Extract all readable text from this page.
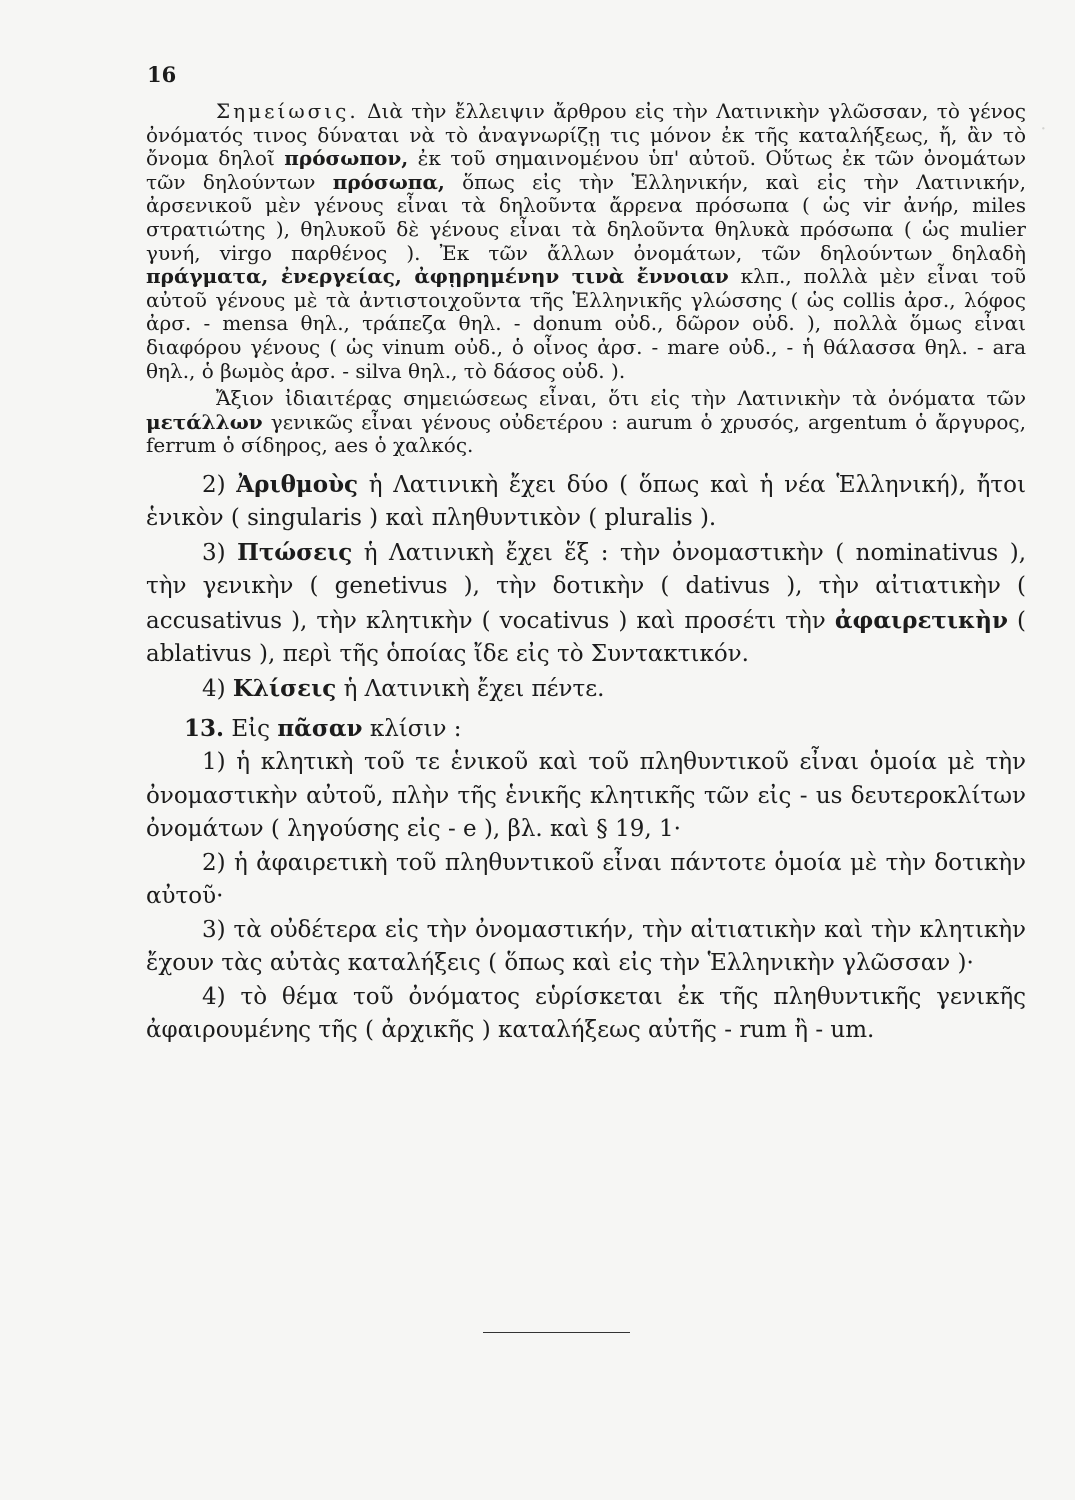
·
16

Σημείωσις. Διὰ τὴν ἔλλειψιν ἄρθρου εἰς τὴν Λατινικὴν γλῶσσαν, τὸ γένος ὀνόματός τινος δύναται νὰ τὸ ἀναγνωρίζῃ τις μόνον ἐκ τῆς καταλήξεως, ἤ, ἂν τὸ ὄνομα δηλοῖ πρόσωπον, ἐκ τοῦ σημαινομένου ὑπ' αὐτοῦ. Οὕτως ἐκ τῶν ὀνομάτων τῶν δηλούντων πρόσωπα, ὅπως εἰς τὴν Ἑλληνικήν, καὶ εἰς τὴν Λατινικήν, ἀρσενικοῦ μὲν γένους εἶναι τὰ δηλοῦντα ἄρρενα πρόσωπα ( ὡς vir ἀνήρ, miles στρατιώτης ), θηλυκοῦ δὲ γένους εἶναι τὰ δηλοῦντα θηλυκὰ πρόσωπα ( ὡς mulier γυνή, virgo παρθένος ). Ἐκ τῶν ἄλλων ὀνομάτων, τῶν δηλούντων δηλαδὴ πράγματα, ἐνεργείας, ἀφῃρημένην τινὰ ἔννοιαν κλπ., πολλὰ μὲν εἶναι τοῦ αὐτοῦ γένους μὲ τὰ ἀντιστοιχοῦντα τῆς Ἑλληνικῆς γλώσσης ( ὡς collis ἀρσ., λόφος ἀρσ. - mensa θηλ., τράπεζα θηλ. - donum οὐδ., δῶρον οὐδ. ), πολλὰ ὅμως εἶναι διαφόρου γένους ( ὡς vinum οὐδ., ὁ οἶνος ἀρσ. - mare οὐδ., - ἡ θάλασσα θηλ. - ara θηλ., ὁ βωμὸς ἀρσ. - silva θηλ., τὸ δάσος οὐδ. ).

Ἄξιον ἰδιαιτέρας σημειώσεως εἶναι, ὅτι εἰς τὴν Λατινικὴν τὰ ὀνόματα τῶν μετάλλων γενικῶς εἶναι γένους οὐδετέρου : aurum ὁ χρυσός, argentum ὁ ἄργυρος, ferrum ὁ σίδηρος, aes ὁ χαλκός.

2) Ἀριθμοὺς ἡ Λατινικὴ ἔχει δύο ( ὅπως καὶ ἡ νέα Ἑλληνική), ἤτοι ἑνικὸν ( singularis ) καὶ πληθυντικὸν ( pluralis ).

3) Πτώσεις ἡ Λατινικὴ ἔχει ἕξ : τὴν ὀνομαστικὴν ( nominativus ), τὴν γενικὴν ( genetivus ), τὴν δοτικὴν ( dativus ), τὴν αἰτιατικὴν ( accusativus ), τὴν κλητικὴν ( vocativus ) καὶ προσέτι τὴν ἀφαιρετικὴν ( ablativus ), περὶ τῆς ὁποίας ἴδε εἰς τὸ Συντακτικόν.

4) Κλίσεις ἡ Λατινικὴ ἔχει πέντε.

13. Εἰς πᾶσαν κλίσιν :

1) ἡ κλητικὴ τοῦ τε ἑνικοῦ καὶ τοῦ πληθυντικοῦ εἶναι ὁμοία μὲ τὴν ὀνομαστικὴν αὐτοῦ, πλὴν τῆς ἑνικῆς κλητικῆς τῶν εἰς - us δευτεροκλίτων ὀνομάτων ( ληγούσης εἰς - e ), βλ. καὶ § 19, 1·

2) ἡ ἀφαιρετικὴ τοῦ πληθυντικοῦ εἶναι πάντοτε ὁμοία μὲ τὴν δοτικὴν αὐτοῦ·

3) τὰ οὐδέτερα εἰς τὴν ὀνομαστικήν, τὴν αἰτιατικὴν καὶ τὴν κλητικὴν ἔχουν τὰς αὐτὰς καταλήξεις ( ὅπως καὶ εἰς τὴν Ἑλληνικὴν γλῶσσαν )·

4) τὸ θέμα τοῦ ὀνόματος εὑρίσκεται ἐκ τῆς πληθυντικῆς γενικῆς ἀφαιρουμένης τῆς ( ἀρχικῆς ) καταλήξεως αὐτῆς - rum ἢ - um.
